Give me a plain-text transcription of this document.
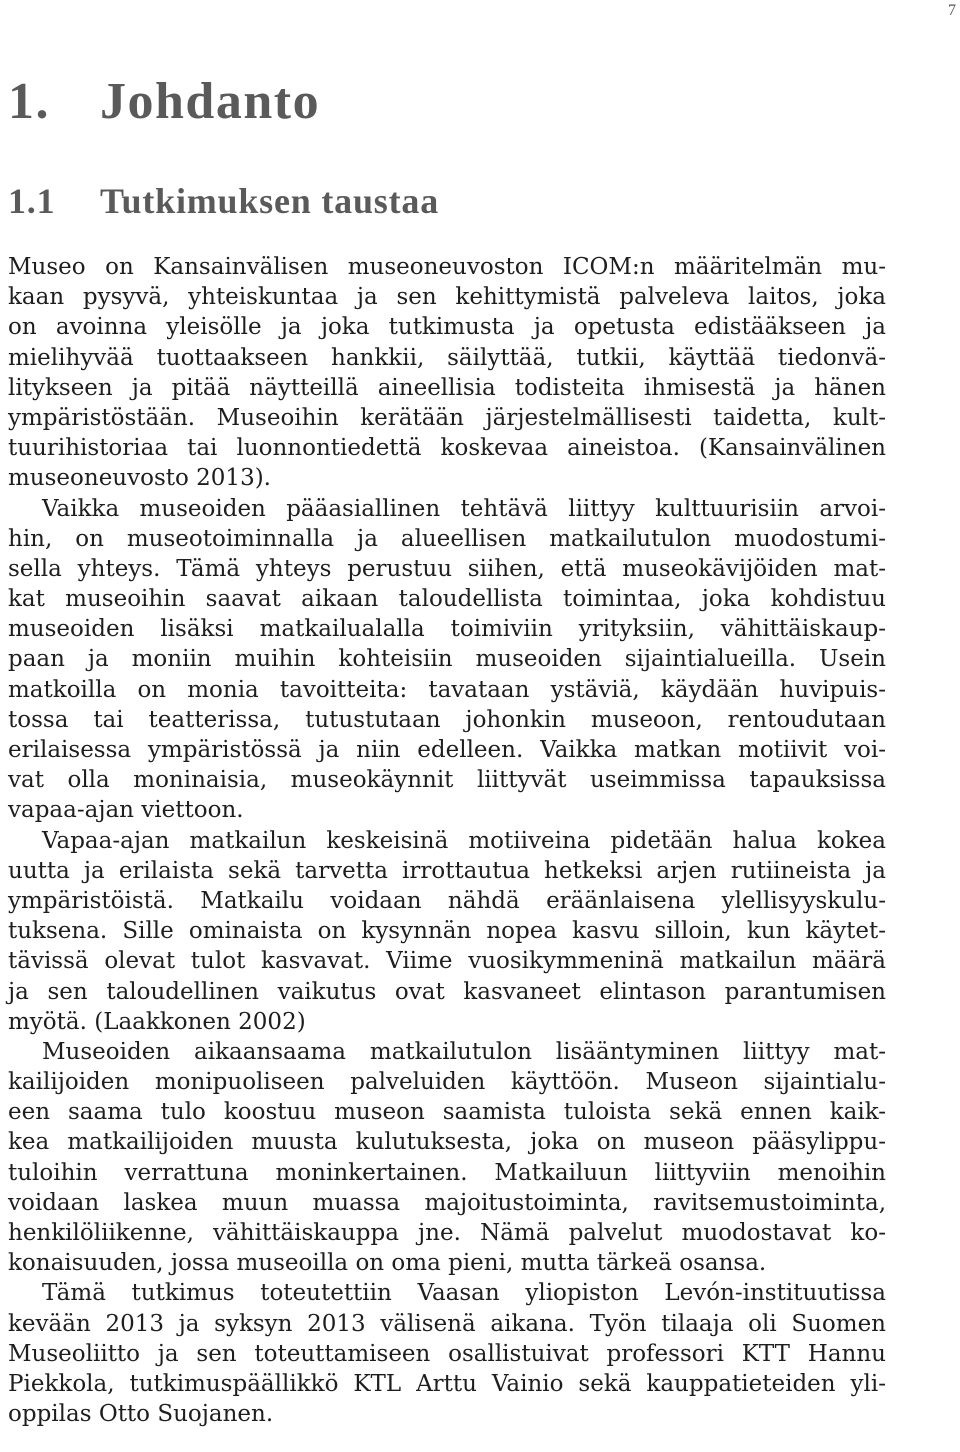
7
1. Johdanto
1.1 Tutkimuksen taustaa
Museo on Kansainvälisen museoneuvoston ICOM:n määritelmän mu-
kaan pysyvä, yhteiskuntaa ja sen kehittymistä palveleva laitos, joka
on avoinna yleisölle ja joka tutkimusta ja opetusta edistääkseen ja
mielihyvää tuottaakseen hankkii, säilyttää, tutkii, käyttää tiedonvä-
litykseen ja pitää näytteillä aineellisia todisteita ihmisestä ja hänen
ympäristöstään. Museoihin kerätään järjestelmällisesti taidetta, kult-
tuurihistoriaa tai luonnontiedettä koskevaa aineistoa. (Kansainvälinen
museoneuvosto 2013).
Vaikka museoiden pääasiallinen tehtävä liittyy kulttuurisiin arvoi-
hin, on museotoiminnalla ja alueellisen matkailutulon muodostumi-
sella yhteys. Tämä yhteys perustuu siihen, että museokävijöiden mat-
kat museoihin saavat aikaan taloudellista toimintaa, joka kohdistuu
museoiden lisäksi matkailualalla toimiviin yrityksiin, vähittäiskaup-
paan ja moniin muihin kohteisiin museoiden sijaintialueilla. Usein
matkoilla on monia tavoitteita: tavataan ystäviä, käydään huvipuis-
tossa tai teatterissa, tutustutaan johonkin museoon, rentoudutaan
erilaisessa ympäristössä ja niin edelleen. Vaikka matkan motiivit voi-
vat olla moninaisia, museokäynnit liittyvät useimmissa tapauksissa
vapaa-ajan viettoon.
Vapaa-ajan matkailun keskeisinä motiiveina pidetään halua kokea
uutta ja erilaista sekä tarvetta irrottautua hetkeksi arjen rutiineista ja
ympäristöistä. Matkailu voidaan nähdä eräänlaisena ylellisyyskulu-
tuksena. Sille ominaista on kysynnän nopea kasvu silloin, kun käytet-
tävissä olevat tulot kasvavat. Viime vuosikymmeninä matkailun määrä
ja sen taloudellinen vaikutus ovat kasvaneet elintason parantumisen
myötä. (Laakkonen 2002)
Museoiden aikaansaama matkailutulon lisääntyminen liittyy mat-
kailijoiden monipuoliseen palveluiden käyttöön. Museon sijaintialu-
een saama tulo koostuu museon saamista tuloista sekä ennen kaik-
kea matkailijoiden muusta kulutuksesta, joka on museon pääsylippu-
tuloihin verrattuna moninkertainen. Matkailuun liittyviin menoihin
voidaan laskea muun muassa majoitustoiminta, ravitsemustoiminta,
henkilöliikenne, vähittäiskauppa jne. Nämä palvelut muodostavat ko-
konaisuuden, jossa museoilla on oma pieni, mutta tärkeä osansa.
Tämä tutkimus toteutettiin Vaasan yliopiston Levón-instituutissa
kevään 2013 ja syksyn 2013 välisenä aikana. Työn tilaaja oli Suomen
Museoliitto ja sen toteuttamiseen osallistuivat professori KTT Hannu
Piekkola, tutkimuspäällikkö KTL Arttu Vainio sekä kauppatieteiden yli-
oppilas Otto Suojanen.
